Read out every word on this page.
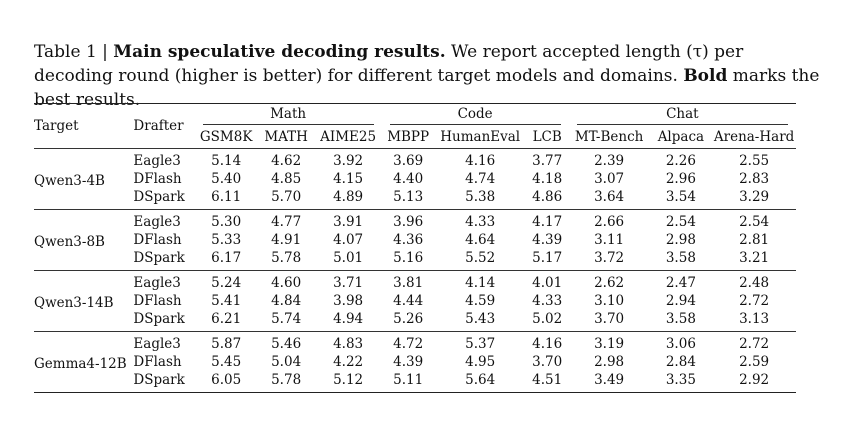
Table 1 | Main speculative decoding results. We report accepted length (τ) per decoding round (higher is better) for different target models and domains. Bold marks the best results.
Target	Drafter	Math			Code			Chat		

		GSM8K	MATH	AIME25	MBPP	HumanEval	LCB	MT-Bench	Alpaca	Arena-Hard
Qwen3-4B	Eagle3	5.14	4.62	3.92	3.69	4.16	3.77	2.39	2.26	2.55
	DFlash	5.40	4.85	4.15	4.40	4.74	4.18	3.07	2.96	2.83
	DSpark	6.11	5.70	4.89	5.13	5.38	4.86	3.64	3.54	3.29
Qwen3-8B	Eagle3	5.30	4.77	3.91	3.96	4.33	4.17	2.66	2.54	2.54
	DFlash	5.33	4.91	4.07	4.36	4.64	4.39	3.11	2.98	2.81
	DSpark	6.17	5.78	5.01	5.16	5.52	5.17	3.72	3.58	3.21
Qwen3-14B	Eagle3	5.24	4.60	3.71	3.81	4.14	4.01	2.62	2.47	2.48
	DFlash	5.41	4.84	3.98	4.44	4.59	4.33	3.10	2.94	2.72
	DSpark	6.21	5.74	4.94	5.26	5.43	5.02	3.70	3.58	3.13
Gemma4-12B	Eagle3	5.87	5.46	4.83	4.72	5.37	4.16	3.19	3.06	2.72
	DFlash	5.45	5.04	4.22	4.39	4.95	3.70	2.98	2.84	2.59
	DSpark	6.05	5.78	5.12	5.11	5.64	4.51	3.49	3.35	2.92
